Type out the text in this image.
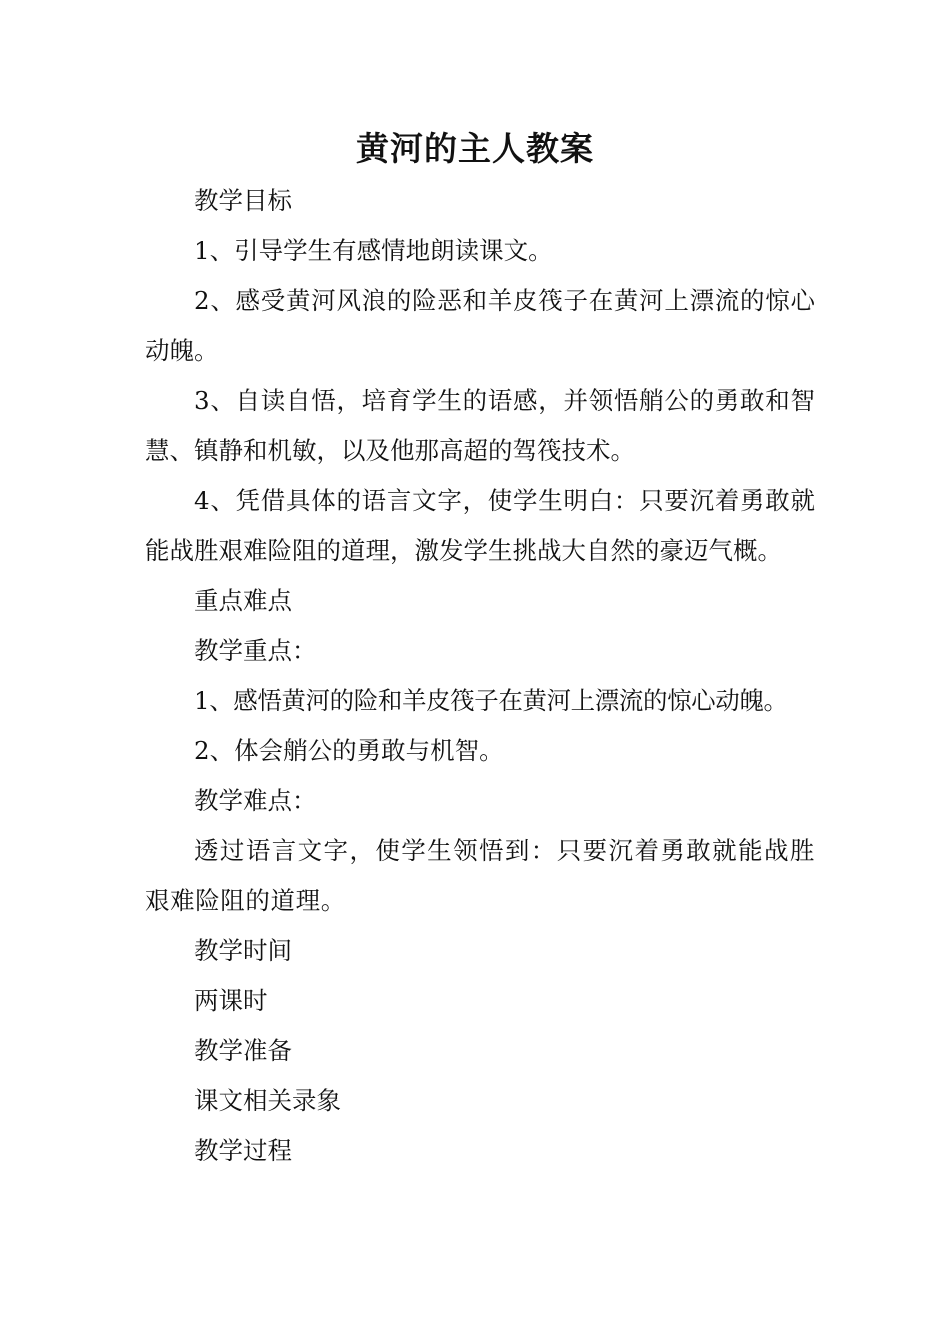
黄河的主人教案

教学目标

1、引导学生有感情地朗读课文。

2、感受黄河风浪的险恶和羊皮筏子在黄河上漂流的惊心动魄。

3、自读自悟，培育学生的语感，并领悟艄公的勇敢和智慧、镇静和机敏，以及他那高超的驾筏技术。

4、凭借具体的语言文字，使学生明白：只要沉着勇敢就能战胜艰难险阻的道理，激发学生挑战大自然的豪迈气概。

重点难点

教学重点：

1、感悟黄河的险和羊皮筏子在黄河上漂流的惊心动魄。

2、体会艄公的勇敢与机智。

教学难点：

透过语言文字，使学生领悟到：只要沉着勇敢就能战胜艰难险阻的道理。

教学时间

两课时

教学准备

课文相关录象

教学过程
